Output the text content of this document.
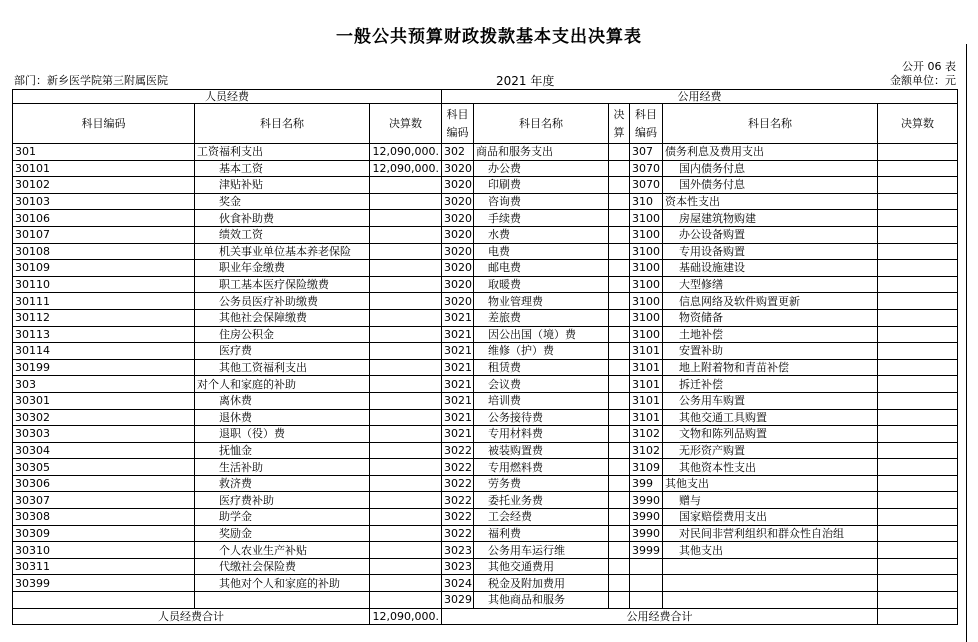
一般公共预算财政拨款基本支出决算表
公开 06 表
部门：新乡医学院第三附属医院	2021 年度	金额单位：元
人员经费			公用经费					
科目编码	科目名称	决算数	科目编码	科目名称	决算	科目编码	科目名称	决算数
301	工资福利支出	12,090,000.	302	商品和服务支出		307	债务利息及费用支出	
30101	基本工资	12,090,000.	3020	办公费		3070	国内债务付息	
30102	津贴补贴		3020	印刷费		3070	国外债务付息	
30103	奖金		3020	咨询费		310	资本性支出	
30106	伙食补助费		3020	手续费		3100	房屋建筑物购建	
30107	绩效工资		3020	水费		3100	办公设备购置	
30108	机关事业单位基本养老保险		3020	电费		3100	专用设备购置	
30109	职业年金缴费		3020	邮电费		3100	基础设施建设	
30110	职工基本医疗保险缴费		3020	取暖费		3100	大型修缮	
30111	公务员医疗补助缴费		3020	物业管理费		3100	信息网络及软件购置更新	
30112	其他社会保障缴费		3021	差旅费		3100	物资储备	
30113	住房公积金		3021	因公出国（境）费		3100	土地补偿	
30114	医疗费		3021	维修（护）费		3101	安置补助	
30199	其他工资福利支出		3021	租赁费		3101	地上附着物和青苗补偿	
303	对个人和家庭的补助		3021	会议费		3101	拆迁补偿	
30301	离休费		3021	培训费		3101	公务用车购置	
30302	退休费		3021	公务接待费		3101	其他交通工具购置	
30303	退职（役）费		3021	专用材料费		3102	文物和陈列品购置	
30304	抚恤金		3022	被装购置费		3102	无形资产购置	
30305	生活补助		3022	专用燃料费		3109	其他资本性支出	
30306	救济费		3022	劳务费		399	其他支出	
30307	医疗费补助		3022	委托业务费		3990	赠与	
30308	助学金		3022	工会经费		3990	国家赔偿费用支出	
30309	奖励金		3022	福利费		3990	对民间非营利组织和群众性自治组	
30310	个人农业生产补贴		3023	公务用车运行维		3999	其他支出	
30311	代缴社会保险费		3023	其他交通费用				
30399	其他对个人和家庭的补助		3024	税金及附加费用				
			3029	其他商品和服务				
人员经费合计		12,090,000.	公用经费合计					
